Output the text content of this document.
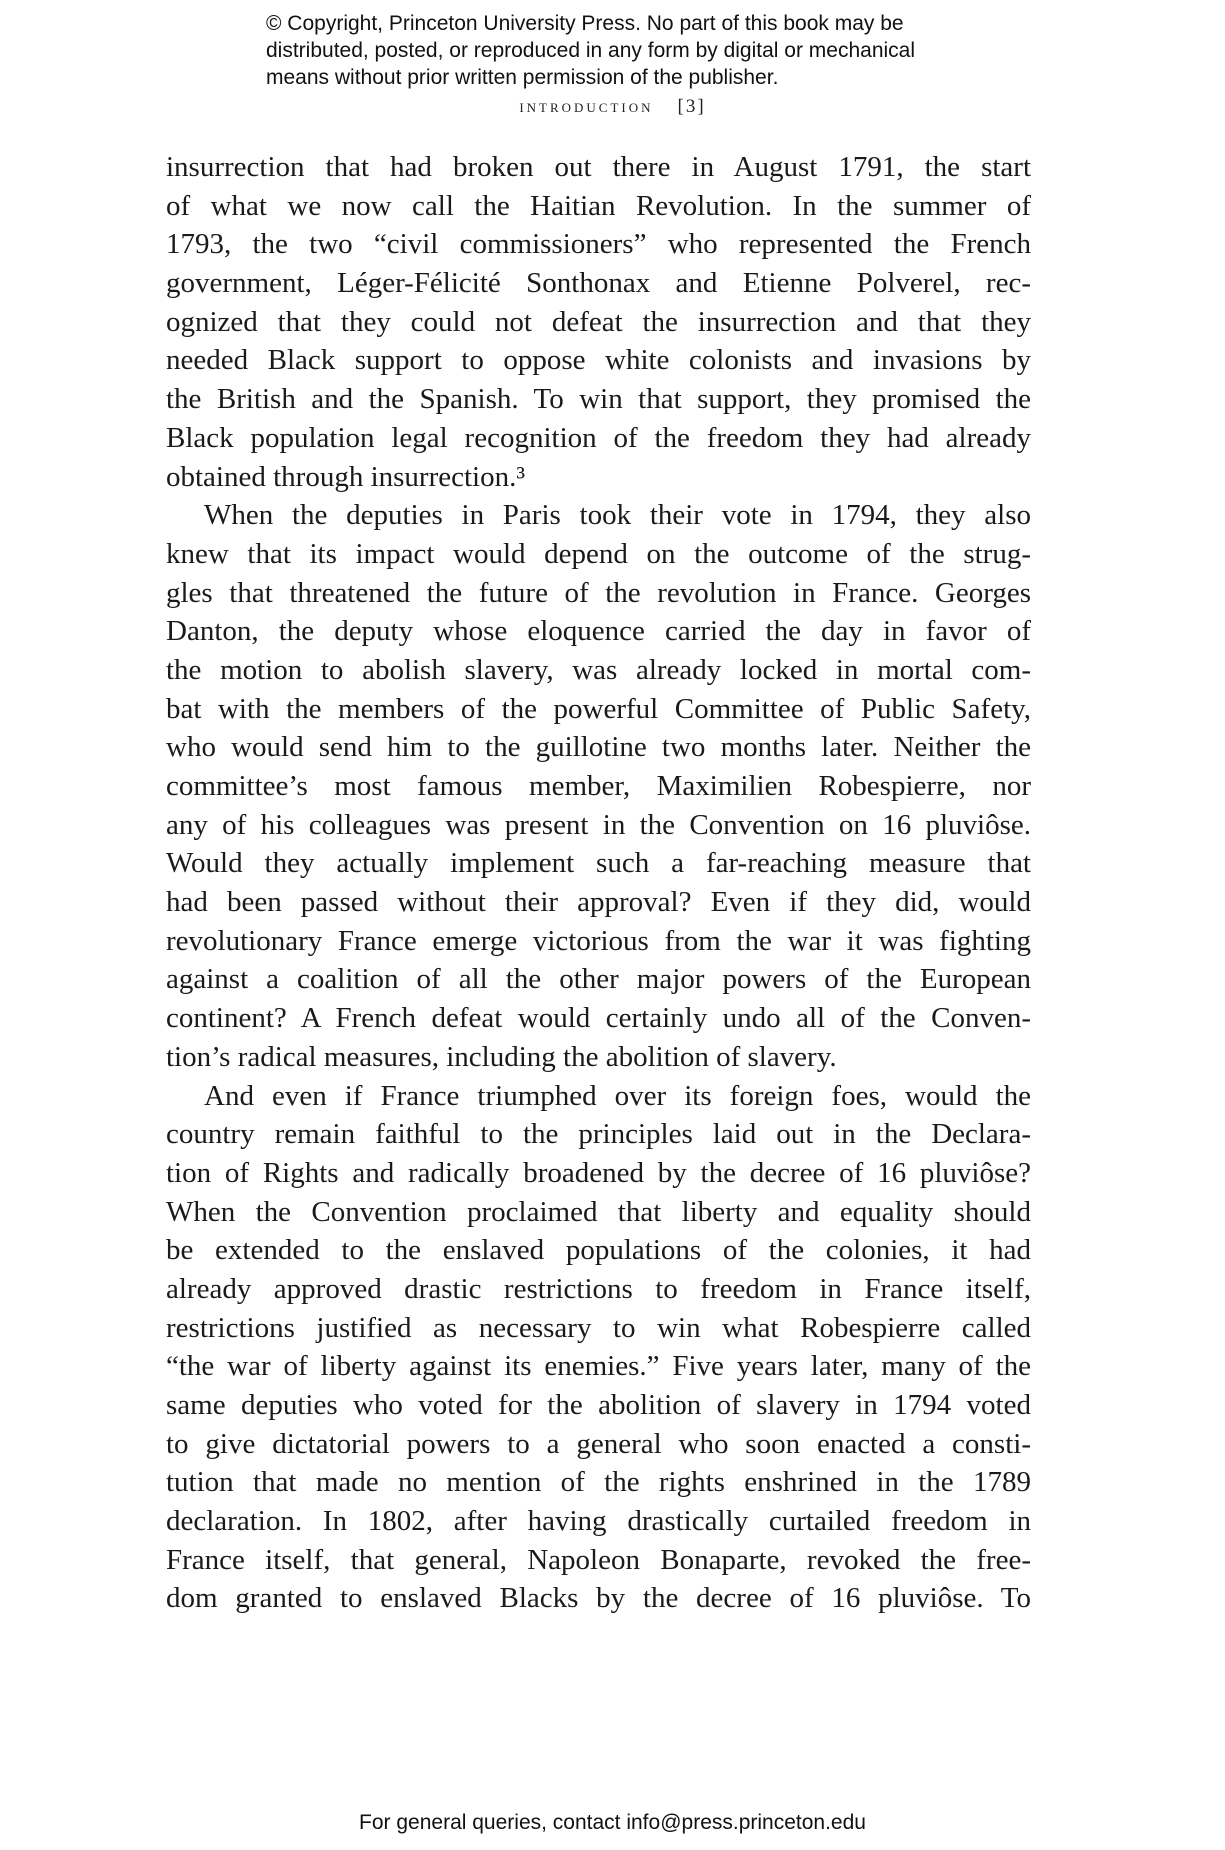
© Copyright, Princeton University Press. No part of this book may be
distributed, posted, or reproduced in any form by digital or mechanical
means without prior written permission of the publisher.
introduction [3]
insurrection that had broken out there in August 1791, the start
of what we now call the Haitian Revolution. In the summer of
1793, the two “civil commissioners” who represented the French
government, Léger-Félicité Sonthonax and Etienne Polverel, rec-
ognized that they could not defeat the insurrection and that they
needed Black support to oppose white colonists and invasions by
the British and the Spanish. To win that support, they promised the
Black population legal recognition of the freedom they had already
obtained through insurrection.³
When the deputies in Paris took their vote in 1794, they also
knew that its impact would depend on the outcome of the strug-
gles that threatened the future of the revolution in France. Georges
Danton, the deputy whose eloquence carried the day in favor of
the motion to abolish slavery, was already locked in mortal com-
bat with the members of the powerful Committee of Public Safety,
who would send him to the guillotine two months later. Neither the
committee’s most famous member, Maximilien Robespierre, nor
any of his colleagues was present in the Convention on 16 pluviôse.
Would they actually implement such a far-reaching measure that
had been passed without their approval? Even if they did, would
revolutionary France emerge victorious from the war it was fighting
against a coalition of all the other major powers of the European
continent? A French defeat would certainly undo all of the Conven-
tion’s radical measures, including the abolition of slavery.
And even if France triumphed over its foreign foes, would the
country remain faithful to the principles laid out in the Declara-
tion of Rights and radically broadened by the decree of 16 pluviôse?
When the Convention proclaimed that liberty and equality should
be extended to the enslaved populations of the colonies, it had
already approved drastic restrictions to freedom in France itself,
restrictions justified as necessary to win what Robespierre called
“the war of liberty against its enemies.” Five years later, many of the
same deputies who voted for the abolition of slavery in 1794 voted
to give dictatorial powers to a general who soon enacted a consti-
tution that made no mention of the rights enshrined in the 1789
declaration. In 1802, after having drastically curtailed freedom in
France itself, that general, Napoleon Bonaparte, revoked the free-
dom granted to enslaved Blacks by the decree of 16 pluviôse. To
For general queries, contact info@press.princeton.edu
